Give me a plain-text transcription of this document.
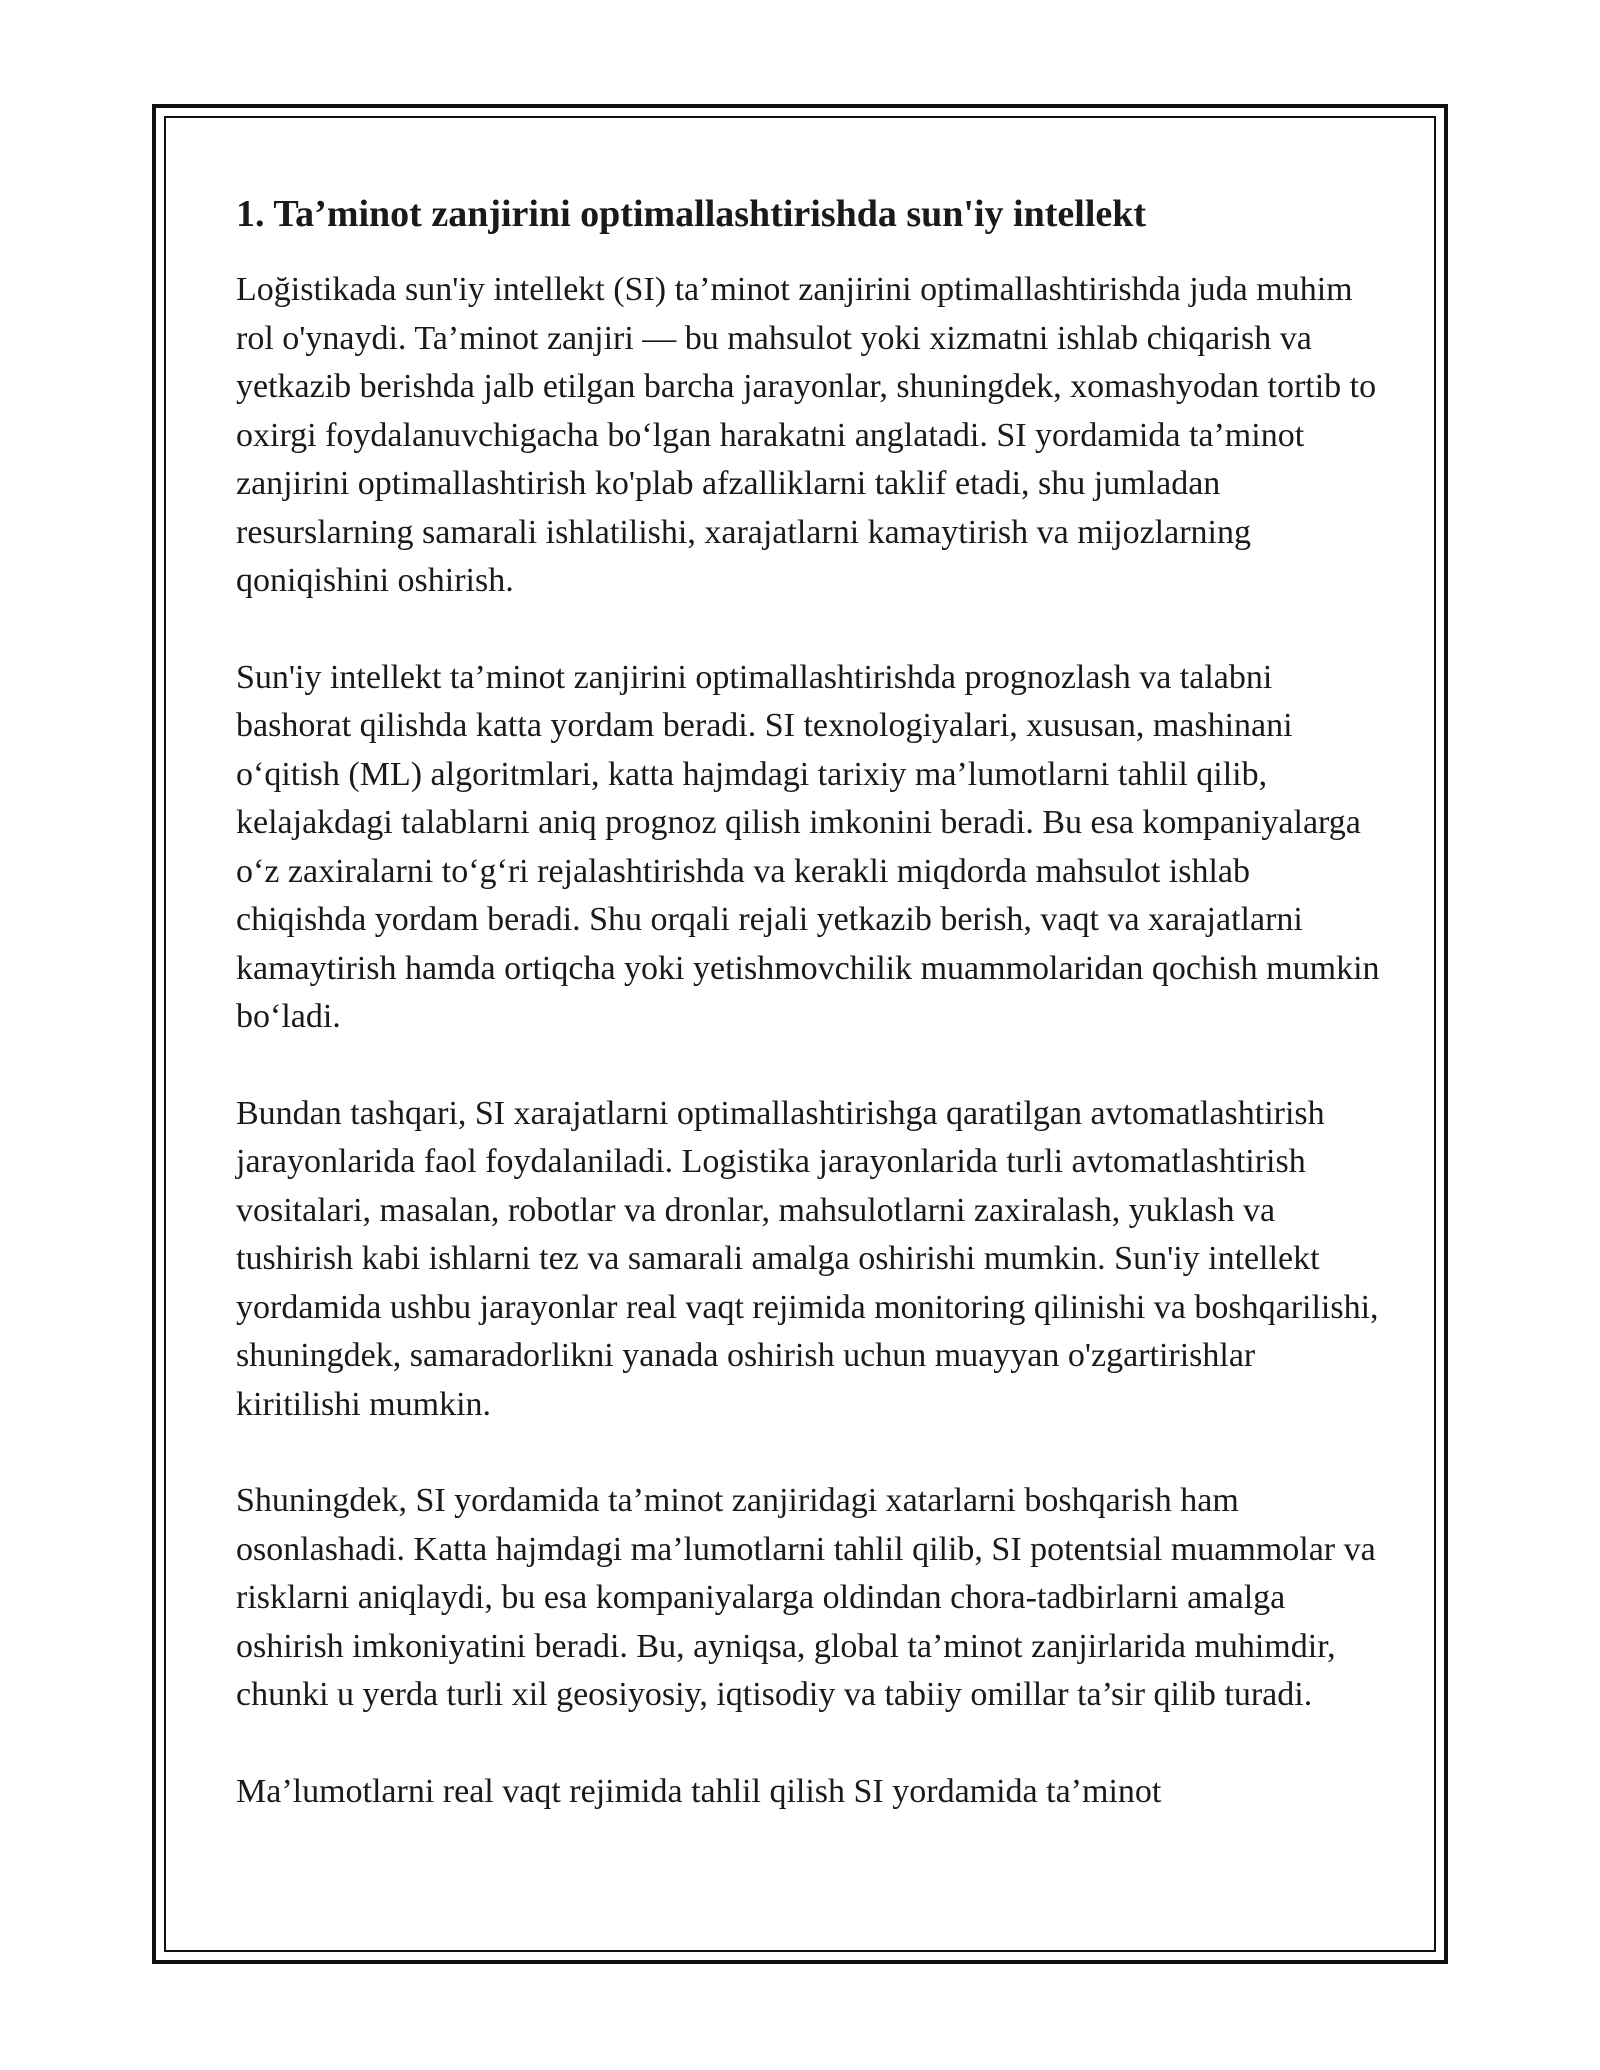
1. Ta’minot zanjirini optimallashtirishda sun'iy intellekt

Loğistikada sun'iy intellekt (SI) ta’minot zanjirini optimallashtirishda juda muhim rol o'ynaydi. Ta’minot zanjiri — bu mahsulot yoki xizmatni ishlab chiqarish va yetkazib berishda jalb etilgan barcha jarayonlar, shuningdek, xomashyodan tortib to oxirgi foydalanuvchigacha boʻlgan harakatni anglatadi. SI yordamida ta’minot zanjirini optimallashtirish ko'plab afzalliklarni taklif etadi, shu jumladan resurslarning samarali ishlatilishi, xarajatlarni kamaytirish va mijozlarning qoniqishini oshirish.

Sun'iy intellekt ta’minot zanjirini optimallashtirishda prognozlash va talabni bashorat qilishda katta yordam beradi. SI texnologiyalari, xususan, mashinani oʻqitish (ML) algoritmlari, katta hajmdagi tarixiy ma’lumotlarni tahlil qilib, kelajakdagi talablarni aniq prognoz qilish imkonini beradi. Bu esa kompaniyalarga oʻz zaxiralarni toʻgʻri rejalashtirishda va kerakli miqdorda mahsulot ishlab chiqishda yordam beradi. Shu orqali rejali yetkazib berish, vaqt va xarajatlarni kamaytirish hamda ortiqcha yoki yetishmovchilik muammolaridan qochish mumkin boʻladi.

Bundan tashqari, SI xarajatlarni optimallashtirishga qaratilgan avtomatlashtirish jarayonlarida faol foydalaniladi. Logistika jarayonlarida turli avtomatlashtirish vositalari, masalan, robotlar va dronlar, mahsulotlarni zaxiralash, yuklash va tushirish kabi ishlarni tez va samarali amalga oshirishi mumkin. Sun'iy intellekt yordamida ushbu jarayonlar real vaqt rejimida monitoring qilinishi va boshqarilishi, shuningdek, samaradorlikni yanada oshirish uchun muayyan o'zgartirishlar kiritilishi mumkin.

Shuningdek, SI yordamida ta’minot zanjiridagi xatarlarni boshqarish ham osonlashadi. Katta hajmdagi ma’lumotlarni tahlil qilib, SI potentsial muammolar va risklarni aniqlaydi, bu esa kompaniyalarga oldindan chora-tadbirlarni amalga oshirish imkoniyatini beradi. Bu, ayniqsa, global ta’minot zanjirlarida muhimdir, chunki u yerda turli xil geosiyosiy, iqtisodiy va tabiiy omillar ta’sir qilib turadi.

Ma’lumotlarni real vaqt rejimida tahlil qilish SI yordamida ta’minot
